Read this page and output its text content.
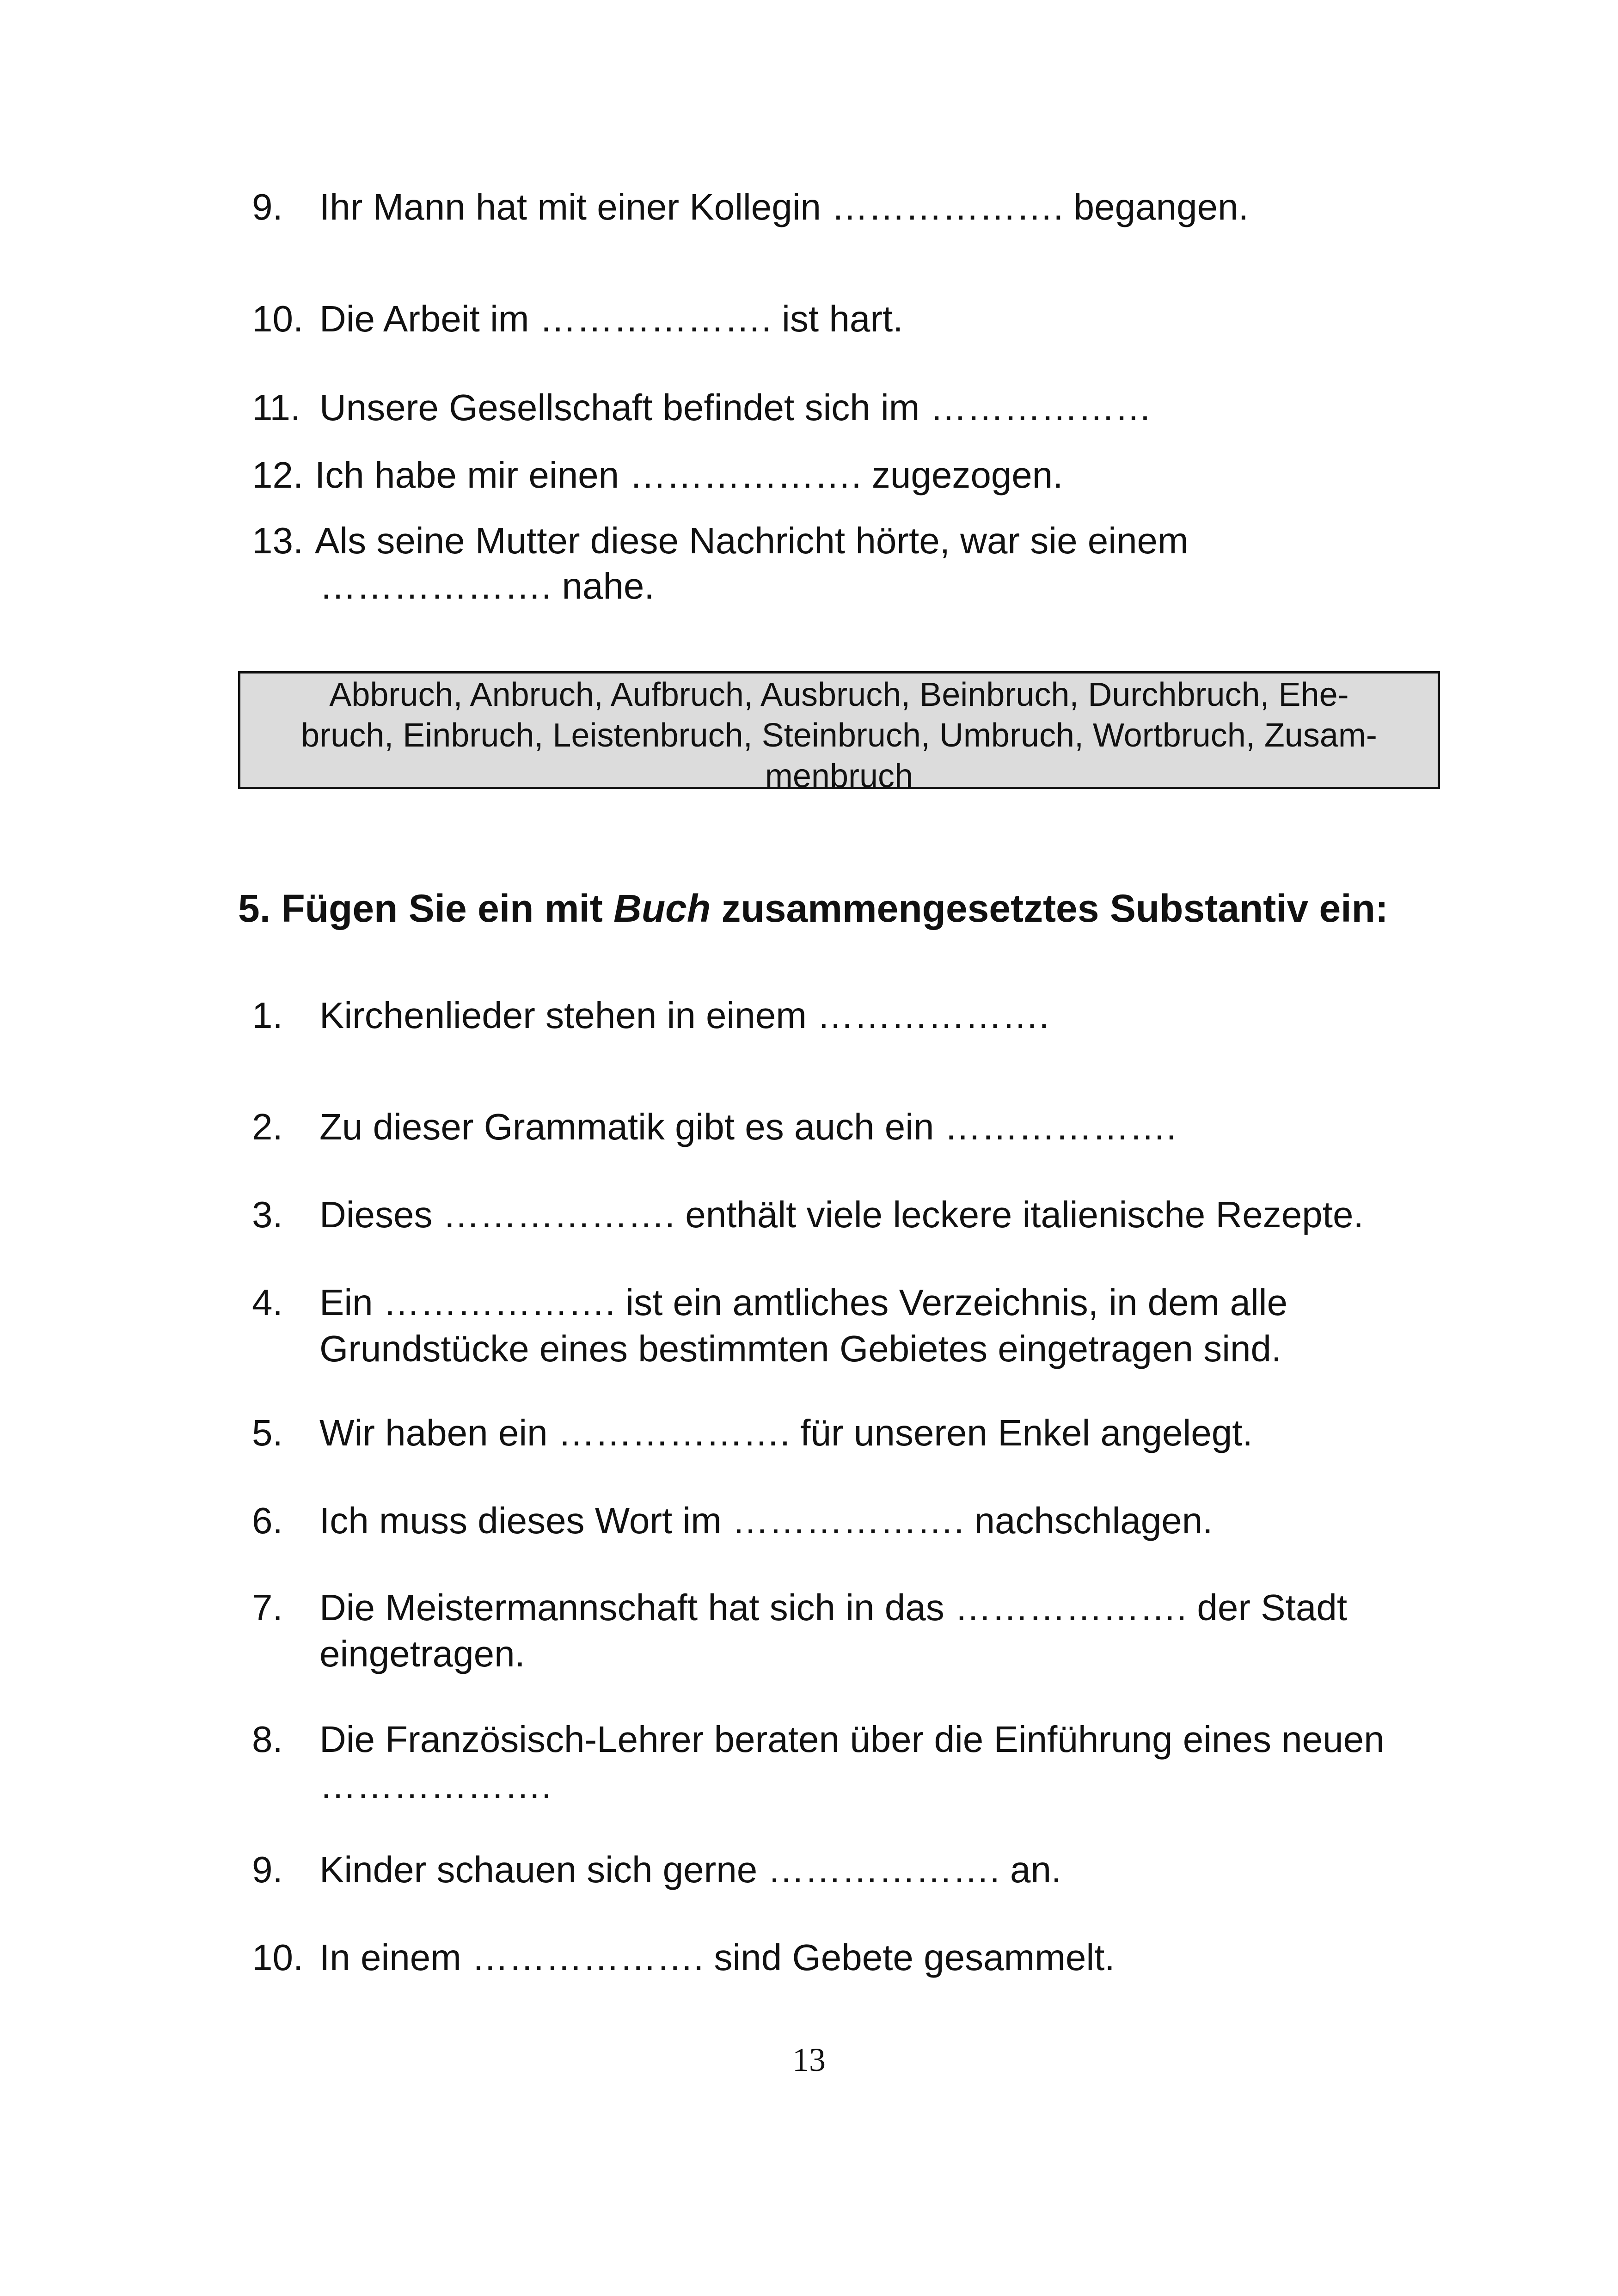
9. Ihr Mann hat mit einer Kollegin ………………. begangen.
10. Die Arbeit im ………………. ist hart.
11. Unsere Gesellschaft befindet sich im ………………
12. Ich habe mir einen ………………. zugezogen.
13. Als seine Mutter diese Nachricht hörte, war sie einem
………………. nahe.
Abbruch, Anbruch, Aufbruch, Ausbruch, Beinbruch, Durchbruch, Ehe-
bruch, Einbruch, Leistenbruch, Steinbruch, Umbruch, Wortbruch, Zusam-
menbruch
5. Fügen Sie ein mit Buch zusammengesetztes Substantiv ein:
1. Kirchenlieder stehen in einem ……………….
2. Zu dieser Grammatik gibt es auch ein ……………….
3. Dieses ………………. enthält viele leckere italienische Rezepte.
4. Ein ………………. ist ein amtliches Verzeichnis, in dem alle
Grundstücke eines bestimmten Gebietes eingetragen sind.
5. Wir haben ein ………………. für unseren Enkel angelegt.
6. Ich muss dieses Wort im ………………. nachschlagen.
7. Die Meistermannschaft hat sich in das ………………. der Stadt
eingetragen.
8. Die Französisch-Lehrer beraten über die Einführung eines neuen
……………….
9. Kinder schauen sich gerne ………………. an.
10. In einem ………………. sind Gebete gesammelt.
13
